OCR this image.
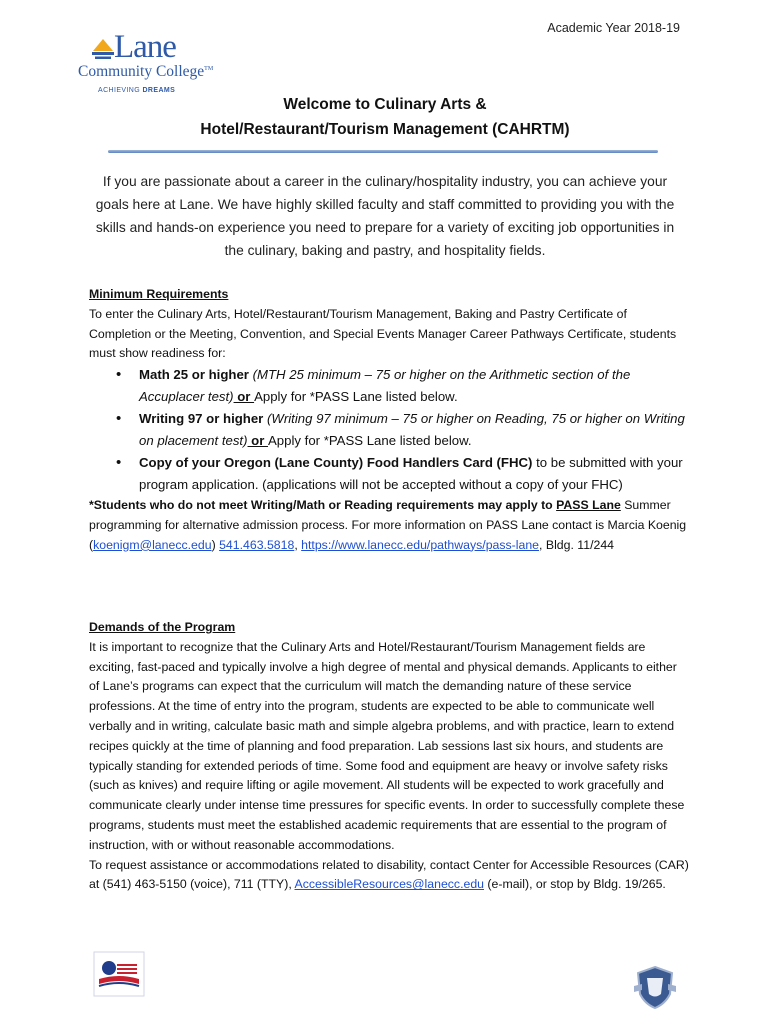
Academic Year 2018-19
Lane
Community College™
ACHIEVING DREAMS
Welcome to Culinary Arts &
Hotel/Restaurant/Tourism Management (CAHRTM)
If you are passionate about a career in the culinary/hospitality industry, you can achieve your goals here at Lane. We have highly skilled faculty and staff committed to providing you with the skills and hands-on experience you need to prepare for a variety of exciting job opportunities in the culinary, baking and pastry, and hospitality fields.

Minimum Requirements

To enter the Culinary Arts, Hotel/Restaurant/Tourism Management, Baking and Pastry Certificate of Completion or the Meeting, Convention, and Special Events Manager Career Pathways Certificate, students must show readiness for:

• Math 25 or higher (MTH 25 minimum – 75 or higher on the Arithmetic section of the Accuplacer test) or Apply for *PASS Lane listed below.
• Writing 97 or higher (Writing 97 minimum – 75 or higher on Reading, 75 or higher on Writing on placement test) or Apply for *PASS Lane listed below.
• Copy of your Oregon (Lane County) Food Handlers Card (FHC) to be submitted with your program application. (applications will not be accepted without a copy of your FHC)

*Students who do not meet Writing/Math or Reading requirements may apply to PASS Lane Summer programming for alternative admission process. For more information on PASS Lane contact is Marcia Koenig (koenigm@lanecc.edu) 541.463.5818, https://www.lanecc.edu/pathways/pass-lane, Bldg. 11/244

Demands of the Program

It is important to recognize that the Culinary Arts and Hotel/Restaurant/Tourism Management fields are exciting, fast-paced and typically involve a high degree of mental and physical demands. Applicants to either of Lane’s programs can expect that the curriculum will match the demanding nature of these service professions. At the time of entry into the program, students are expected to be able to communicate well verbally and in writing, calculate basic math and simple algebra problems, and with practice, learn to extend recipes quickly at the time of planning and food preparation. Lab sessions last six hours, and students are typically standing for extended periods of time. Some food and equipment are heavy or involve safety risks (such as knives) and require lifting or agile movement. All students will be expected to work gracefully and communicate clearly under intense time pressures for specific events. In order to successfully complete these programs, students must meet the established academic requirements that are essential to the program of instruction, with or without reasonable accommodations.

To request assistance or accommodations related to disability, contact Center for Accessible Resources (CAR) at (541) 463-5150 (voice), 711 (TTY), AccessibleResources@lanecc.edu (e-mail), or stop by Bldg. 19/265.
